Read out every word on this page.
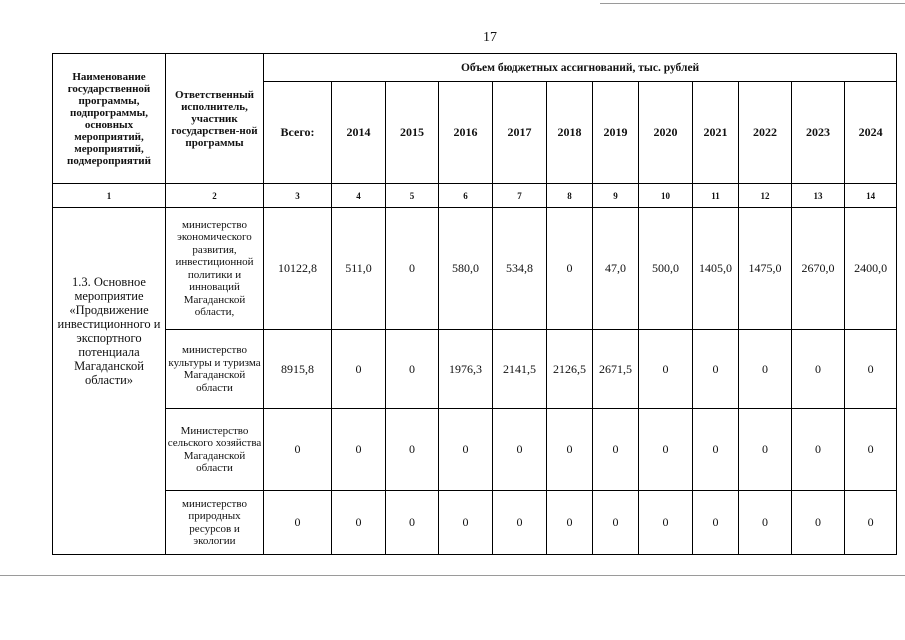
17
Наименование государственной программы, подпрограммы, основных мероприятий, мероприятий, подмероприятий	Ответственный исполнитель, участник государствен-ной программы	Объем бюджетных ассигнований, тыс. рублей											
		Всего:	2014	2015	2016	2017	2018	2019	2020	2021	2022	2023	2024
1	2	3	4	5	6	7	8	9	10	11	12	13	14
1.3. Основное мероприятие «Продвижение инвестиционного и экспортного потенциала Магаданской области»	министерство экономического развития, инвестиционной политики и инноваций Магаданской области,	10122,8	511,0	0	580,0	534,8	0	47,0	500,0	1405,0	1475,0	2670,0	2400,0
	министерство культуры и туризма Магаданской области	8915,8	0	0	1976,3	2141,5	2126,5	2671,5	0	0	0	0	0
	Министерство сельского хозяйства Магаданской области	0	0	0	0	0	0	0	0	0	0	0	0
	министерство природных ресурсов и экологии	0	0	0	0	0	0	0	0	0	0	0	0
